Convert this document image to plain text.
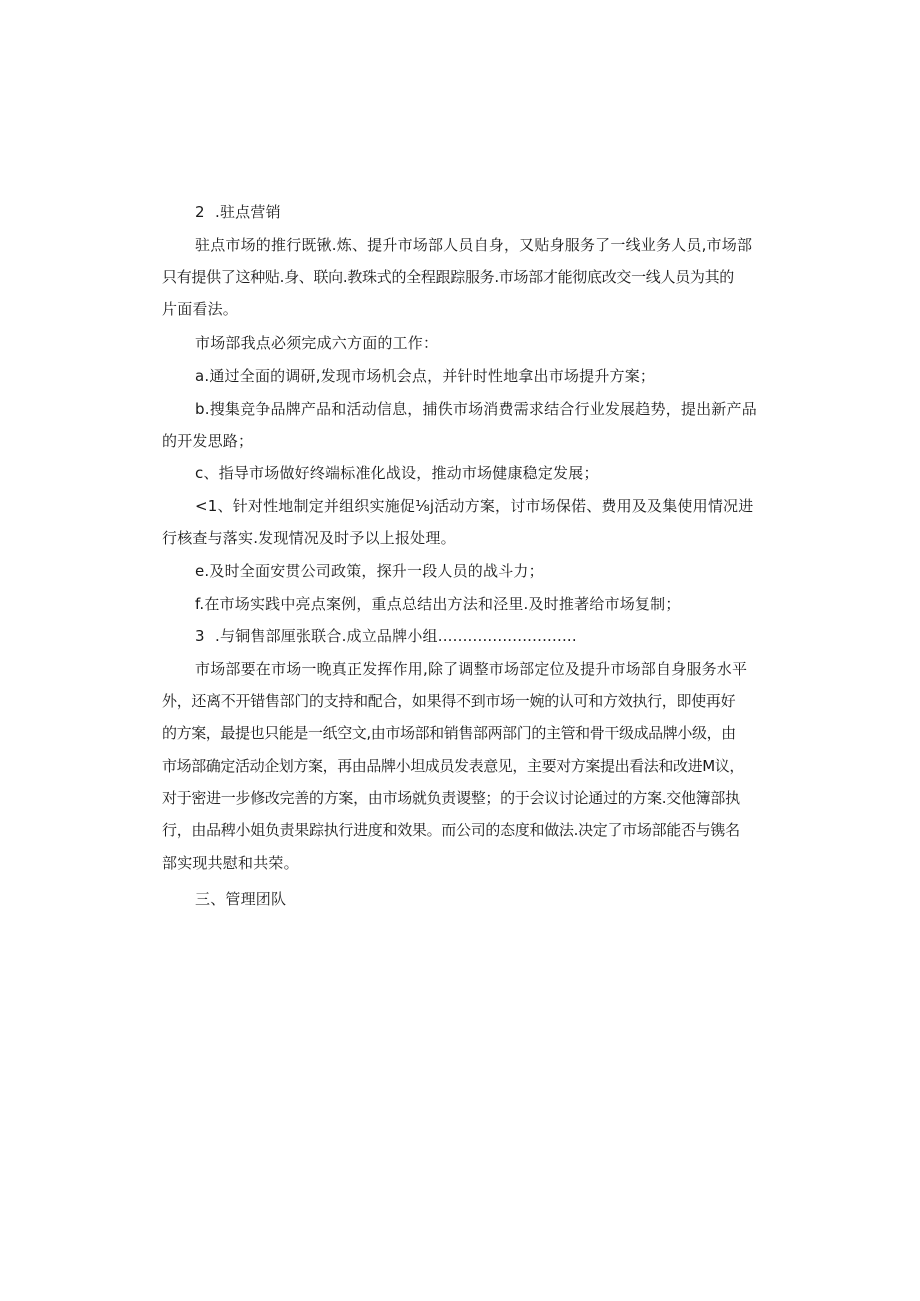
2 .驻点营销
驻点市场的推行既锹.炼、提升市场部人员自身，又贴身服务了一线业务人员,市场部
只有提供了这种贴.身、联向.教珠式的全程跟踪服务.市场部才能彻底改交一线人员为其的
片面看法。
市场部我点必须完成六方面的工作：
a.通过全面的调研,发现市场机会点，并针时性地拿出市场提升方案；
b.搜集竞争品牌产品和活动信息，捕佚市场消费需求结合行业发展趋势，提出新产品
的开发思路；
c、指导市场做好终端标准化战设，推动市场健康稳定发展；
<1、针对性地制定并组织实施促⅛j活动方案，讨市场保偌、费用及及集使用情况进
行核查与落实.发现情况及时予以上报处理。
e.及时全面安贯公司政策，探升一段人员的战斗力；
f.在市场实践中亮点案例，重点总结出方法和泾里.及时推著给市场复制；
3 .与铜售部厘张联合.成立品牌小组............................
市场部要在市场一晚真正发挥作用,除了调整市场部定位及提升市场部自身服务水平
外，还离不开错售部门的支持和配合，如果得不到市场一婉的认可和方效执行，即使再好
的方案，最提也只能是一纸空文,由市场部和销售部两部门的主管和骨干级成品牌小级，由
市场部确定活动企划方案，再由品牌小坦成员发表意见，主要对方案提出看法和改进M议，
对于密进一步修改完善的方案，由市场就负责谡整；的于会议讨论通过的方案.交他簿部执
行，由品稗小姐负责果踪执行进度和效果。而公司的态度和做法.决定了市场部能否与镌名
部实现共慰和共荣。
三、管理团队
